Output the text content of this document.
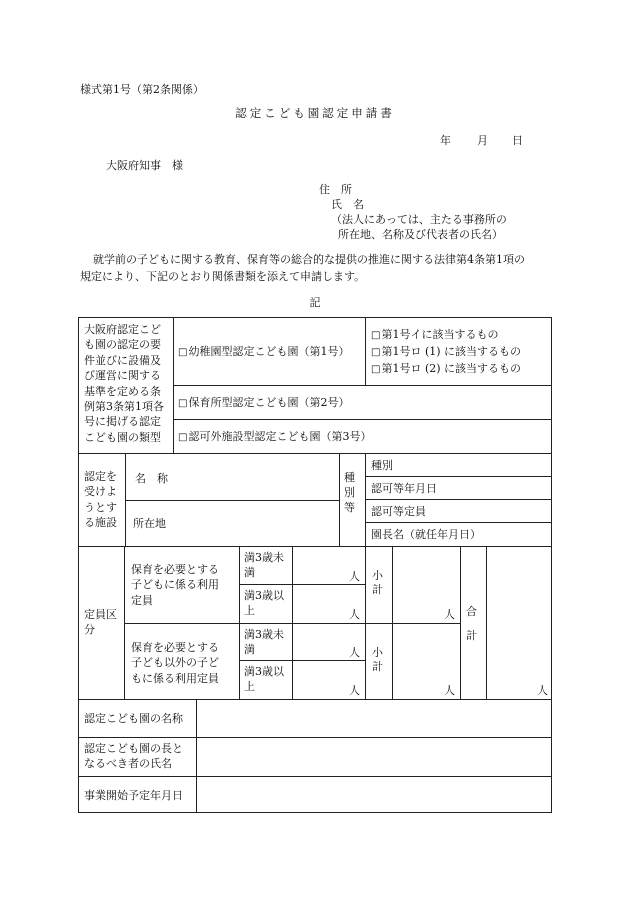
様式第1号（第2条関係）
認定こども園認定申請書
年 月 日
大阪府知事　様
住　所
氏　名
（法人にあっては、主たる事務所の
所在地、名称及び代表者の氏名）
就学前の子どもに関する教育、保育等の総合的な提供の推進に関する法律第4条第1項の
規定により、下記のとおり関係書類を添えて申請します。
記
大阪府認定こど
も園の認定の要
件並びに設備及
び運営に関する
基準を定める条
例第3条第1項各
号に掲げる認定
こども園の類型
□幼稚園型認定こども園（第1号）
□第1号イに該当するもの
□第1号ロ (1) に該当するもの
□第1号ロ (2) に該当するもの
□保育所型認定こども園（第2号）
□認可外施設型認定こども園（第3号）
認定を
受けよ
うとす
る施設
名　称
所在地
種
別
等
種別
認可等年月日
認可等定員
園長名（就任年月日）
定員区分
保育を必要とする
子どもに係る利用
定員
保育を必要とする
子ども以外の子ど
もに係る利用定員
満3歳未
満
満3歳以
上
満3歳未
満
満3歳以
上
人
人
人
人
小
計
小
計
人
人
合
計
人
認定こども園の名称
認定こども園の長と
なるべき者の氏名
事業開始予定年月日
